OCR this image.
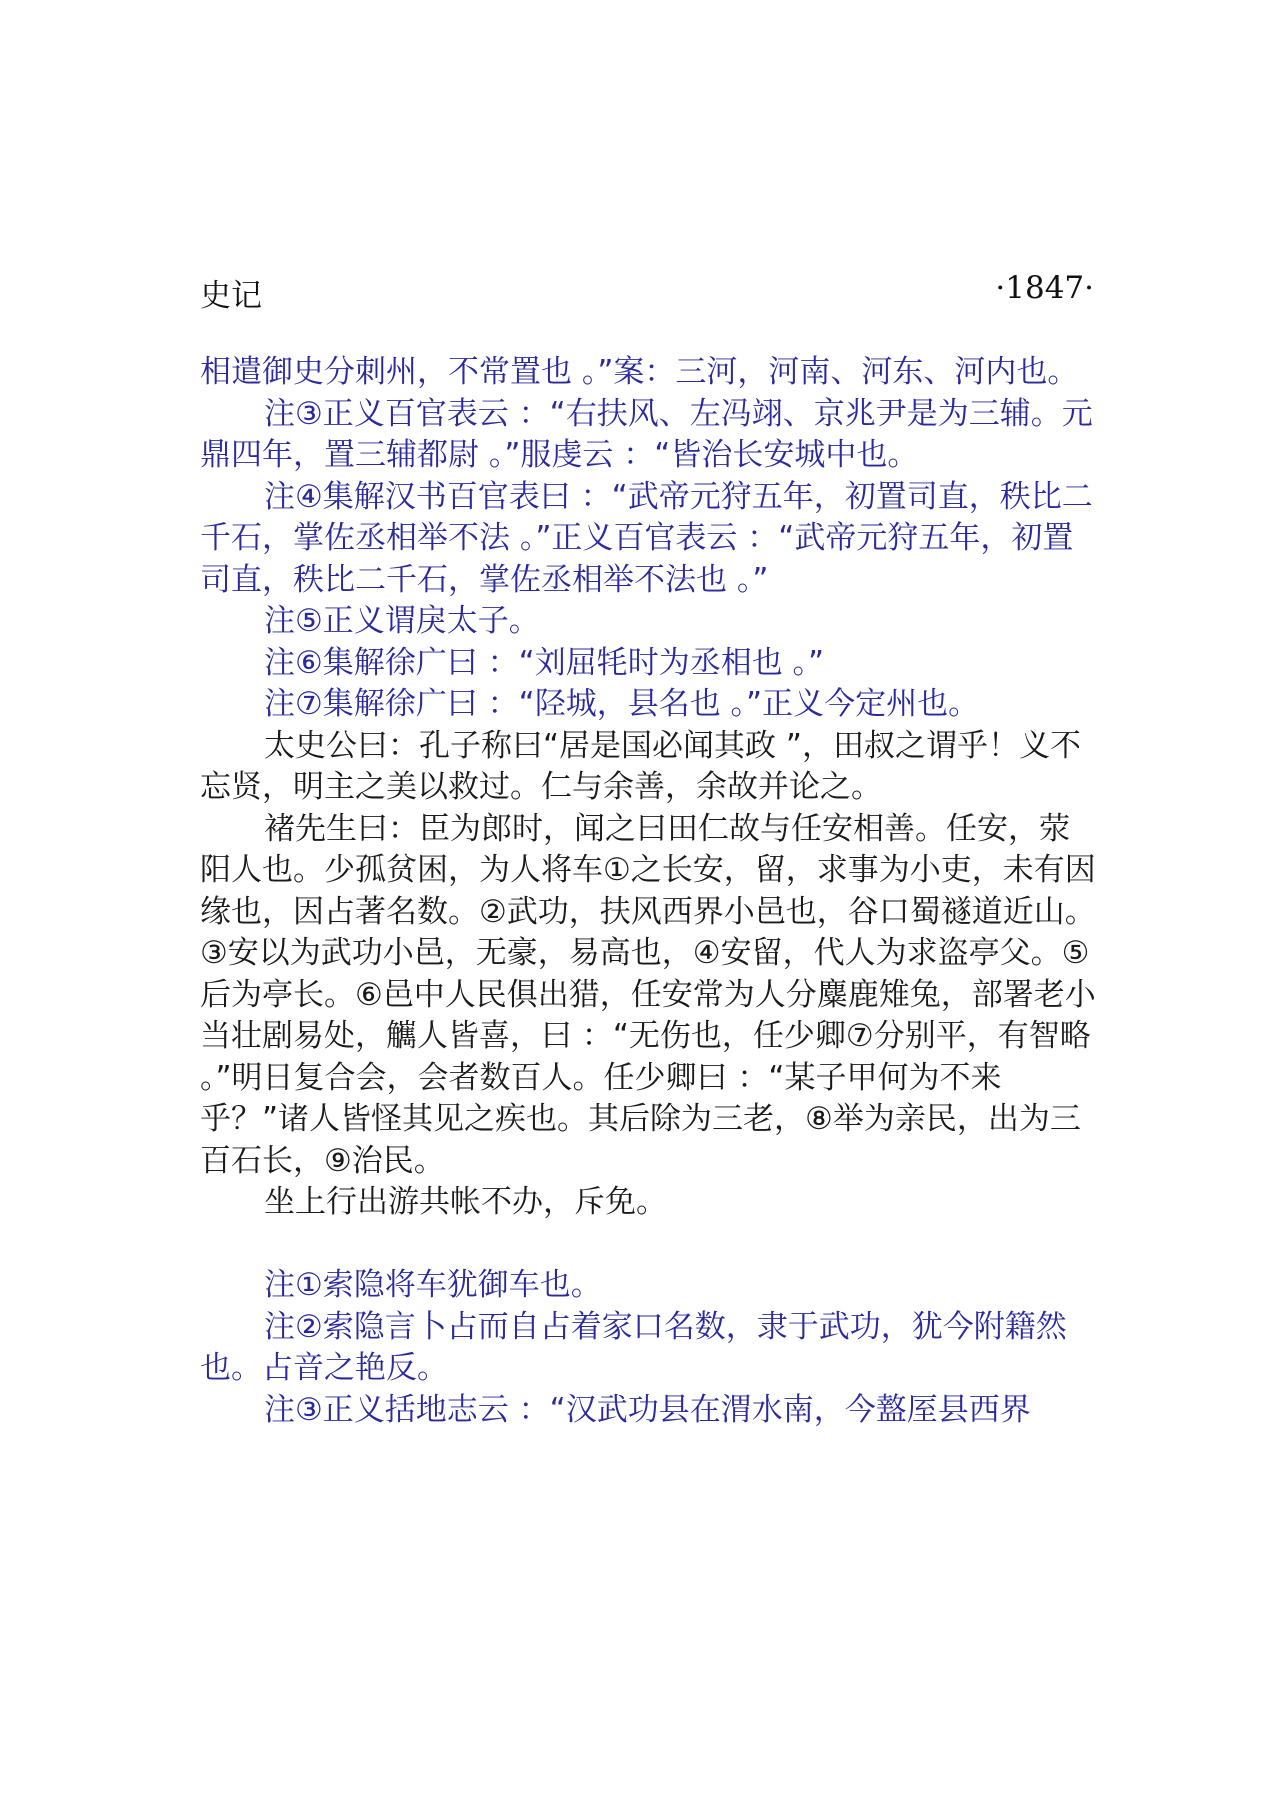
史记	·1847·

相遣御史分刺州，不常置也 。”案：三河，河南、河东、河内也。

注③正义百官表云 ：“右扶风、左冯翊、京兆尹是为三辅。元鼎四年，置三辅都尉 。”服虔云 ：“皆治长安城中也。

注④集解汉书百官表曰 ：“武帝元狩五年，初置司直，秩比二千石，掌佐丞相举不法 。”正义百官表云 ：“武帝元狩五年，初置司直，秩比二千石，掌佐丞相举不法也 。”

注⑤正义谓戾太子。

注⑥集解徐广曰 ：“刘屈牦时为丞相也 。”

注⑦集解徐广曰 ：“陉城，县名也 。”正义今定州也。

太史公曰：孔子称曰“居是国必闻其政 ”，田叔之谓乎！义不忘贤，明主之美以救过。仁与余善，余故并论之。

褚先生曰：臣为郎时，闻之曰田仁故与任安相善。任安，荥阳人也。少孤贫困，为人将车①之长安，留，求事为小吏，未有因缘也，因占著名数。②武功，扶风西界小邑也，谷口蜀禭道近山。③安以为武功小邑，无豪，易高也，④安留，代人为求盗亭父。⑤后为亭长。⑥邑中人民俱出猎，任安常为人分麋鹿雉兔，部署老小当壮剧易处，觽人皆喜，曰 ：“无伤也，任少卿⑦分别平，有智略 。”明日复合会，会者数百人。任少卿曰 ：“某子甲何为不来乎？”诸人皆怪其见之疾也。其后除为三老，⑧举为亲民，出为三百石长，⑨治民。

坐上行出游共帐不办，斥免。

注①索隐将车犹御车也。

注②索隐言卜占而自占着家口名数，隶于武功，犹今附籍然也。占音之艳反。

注③正义括地志云 ：“汉武功县在渭水南，今盩厔县西界
